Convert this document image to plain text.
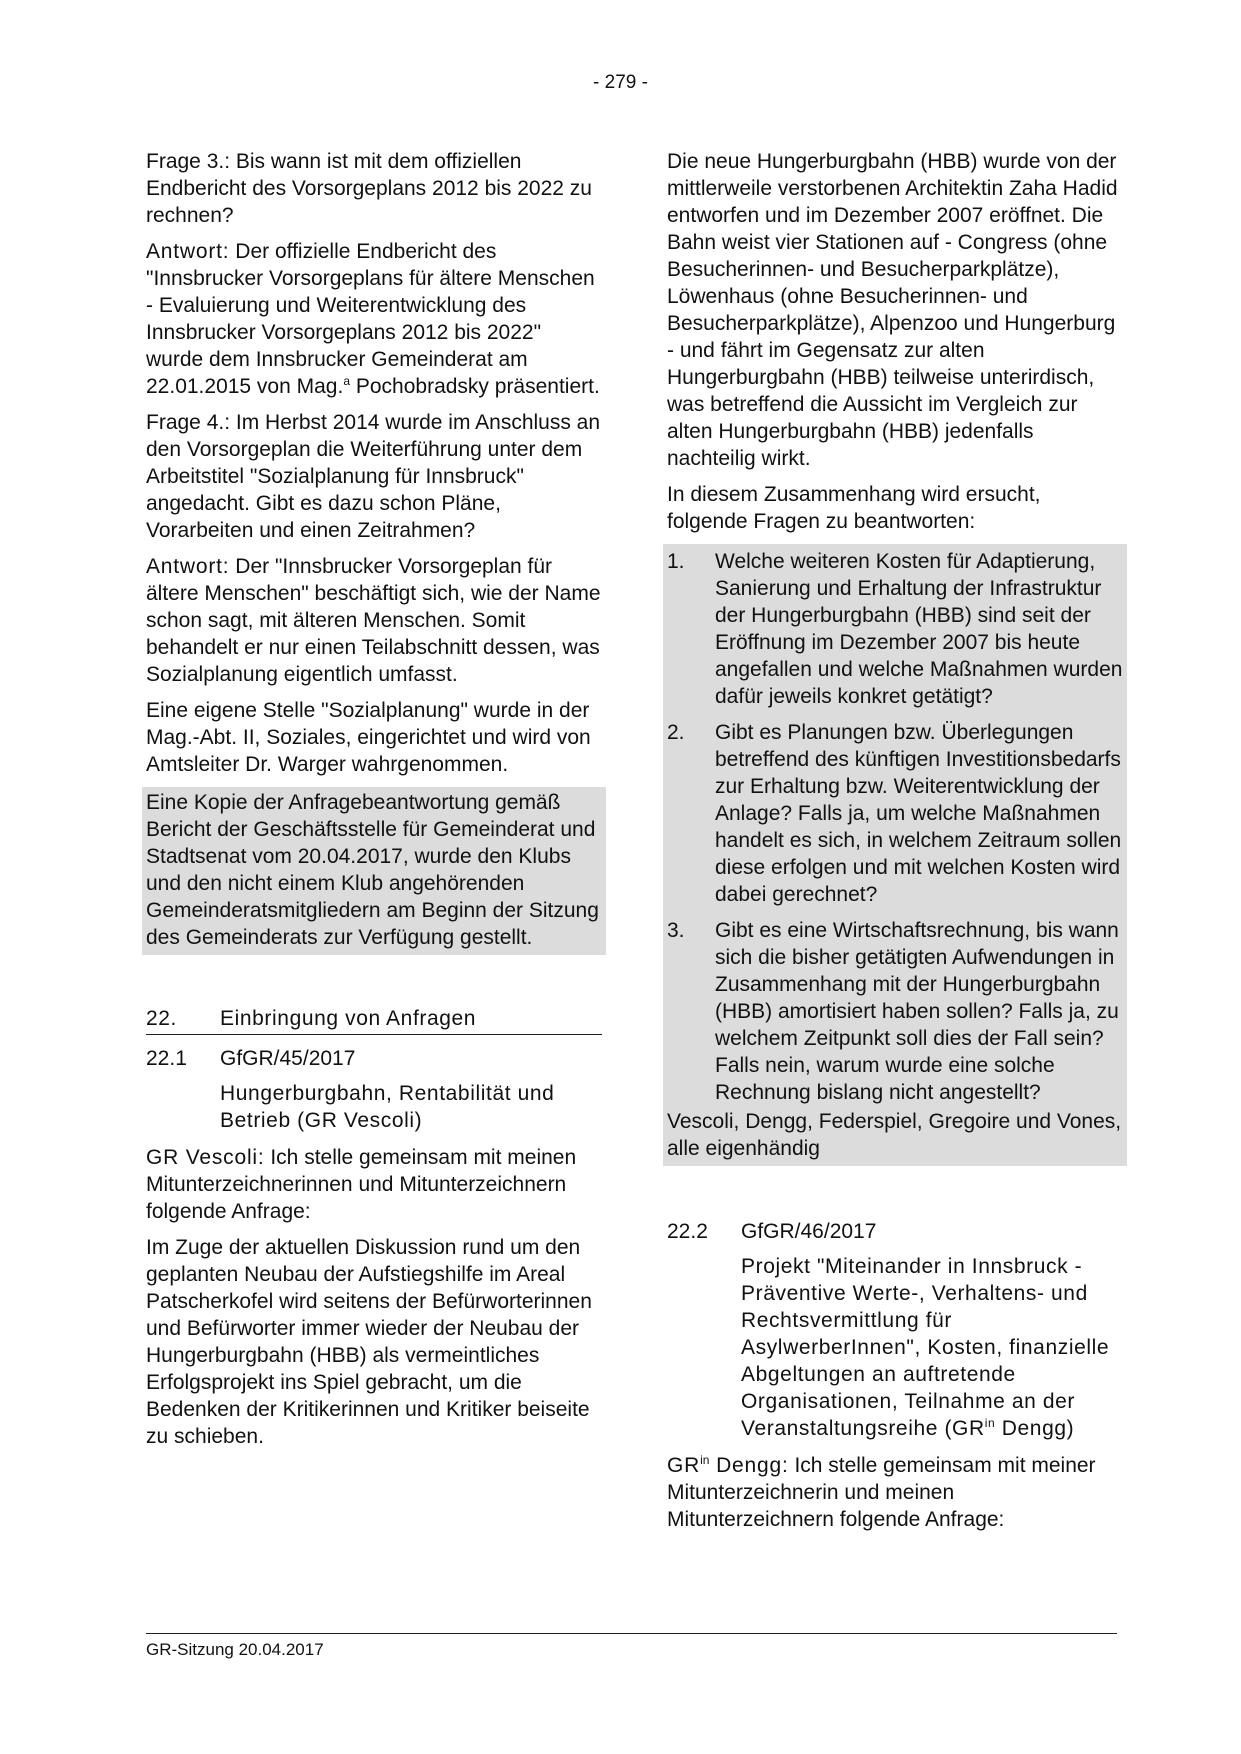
- 279 -

Frage 3.: Bis wann ist mit dem offiziellen Endbericht des Vorsorgeplans 2012 bis 2022 zu rechnen?

Antwort: Der offizielle Endbericht des "Innsbrucker Vorsorgeplans für ältere Menschen - Evaluierung und Weiterentwicklung des Innsbrucker Vorsorgeplans 2012 bis 2022" wurde dem Innsbrucker Gemeinderat am 22.01.2015 von Mag.$^a$ Pochobradsky präsentiert.

Frage 4.: Im Herbst 2014 wurde im Anschluss an den Vorsorgeplan die Weiterführung unter dem Arbeitstitel "Sozialplanung für Innsbruck" angedacht. Gibt es dazu schon Pläne, Vorarbeiten und einen Zeitrahmen?

Antwort: Der "Innsbrucker Vorsorgeplan für ältere Menschen" beschäftigt sich, wie der Name schon sagt, mit älteren Menschen. Somit behandelt er nur einen Teilabschnitt dessen, was Sozialplanung eigentlich umfasst.

Eine eigene Stelle "Sozialplanung" wurde in der Mag.-Abt. II, Soziales, eingerichtet und wird von Amtsleiter Dr. Warger wahrgenommen.

Eine Kopie der Anfragebeantwortung gemäß Bericht der Geschäftsstelle für Gemeinderat und Stadtsenat vom 20.04.2017, wurde den Klubs und den nicht einem Klub angehörenden Gemeinderatsmitgliedern am Beginn der Sitzung des Gemeinderats zur Verfügung gestellt.

22.	Einbringung von Anfragen
22.1	GfGR/45/2017
Hungerburgbahn, Rentabilität und Betrieb (GR Vescoli)

GR Vescoli: Ich stelle gemeinsam mit meinen Mitunterzeichnerinnen und Mitunterzeichnern folgende Anfrage:

Im Zuge der aktuellen Diskussion rund um den geplanten Neubau der Aufstiegshilfe im Areal Patscherkofel wird seitens der Befürworterinnen und Befürworter immer wieder der Neubau der Hungerburgbahn (HBB) als vermeintliches Erfolgsprojekt ins Spiel gebracht, um die Bedenken der Kritikerinnen und Kritiker beiseite zu schieben.

Die neue Hungerburgbahn (HBB) wurde von der mittlerweile verstorbenen Architektin Zaha Hadid entworfen und im Dezember 2007 eröffnet. Die Bahn weist vier Stationen auf - Congress (ohne Besucherinnen- und Besucherparkplätze), Löwenhaus (ohne Besucherinnen- und Besucherparkplätze), Alpenzoo und Hungerburg - und fährt im Gegensatz zur alten Hungerburgbahn (HBB) teilweise unterirdisch, was betreffend die Aussicht im Vergleich zur alten Hungerburgbahn (HBB) jedenfalls nachteilig wirkt.

In diesem Zusammenhang wird ersucht, folgende Fragen zu beantworten:

1.	Welche weiteren Kosten für Adaptierung, Sanierung und Erhaltung der Infrastruktur der Hungerburgbahn (HBB) sind seit der Eröffnung im Dezember 2007 bis heute angefallen und welche Maßnahmen wurden dafür jeweils konkret getätigt?
2.	Gibt es Planungen bzw. Überlegungen betreffend des künftigen Investitionsbedarfs zur Erhaltung bzw. Weiterentwicklung der Anlage? Falls ja, um welche Maßnahmen handelt es sich, in welchem Zeitraum sollen diese erfolgen und mit welchen Kosten wird dabei gerechnet?
3.	Gibt es eine Wirtschaftsrechnung, bis wann sich die bisher getätigten Aufwendungen in Zusammenhang mit der Hungerburgbahn (HBB) amortisiert haben sollen? Falls ja, zu welchem Zeitpunkt soll dies der Fall sein? Falls nein, warum wurde eine solche Rechnung bislang nicht angestellt?

Vescoli, Dengg, Federspiel, Gregoire und Vones, alle eigenhändig

22.2	GfGR/46/2017
Projekt "Miteinander in Innsbruck - Präventive Werte-, Verhaltens- und Rechtsvermittlung für AsylwerberInnen", Kosten, finanzielle Abgeltungen an auftretende Organisationen, Teilnahme an der Veranstaltungsreihe ($GR^{in}$ Dengg)

$GR^{in}$ Dengg: Ich stelle gemeinsam mit meiner Mitunterzeichnerin und meinen Mitunterzeichnern folgende Anfrage:

GR-Sitzung 20.04.2017
